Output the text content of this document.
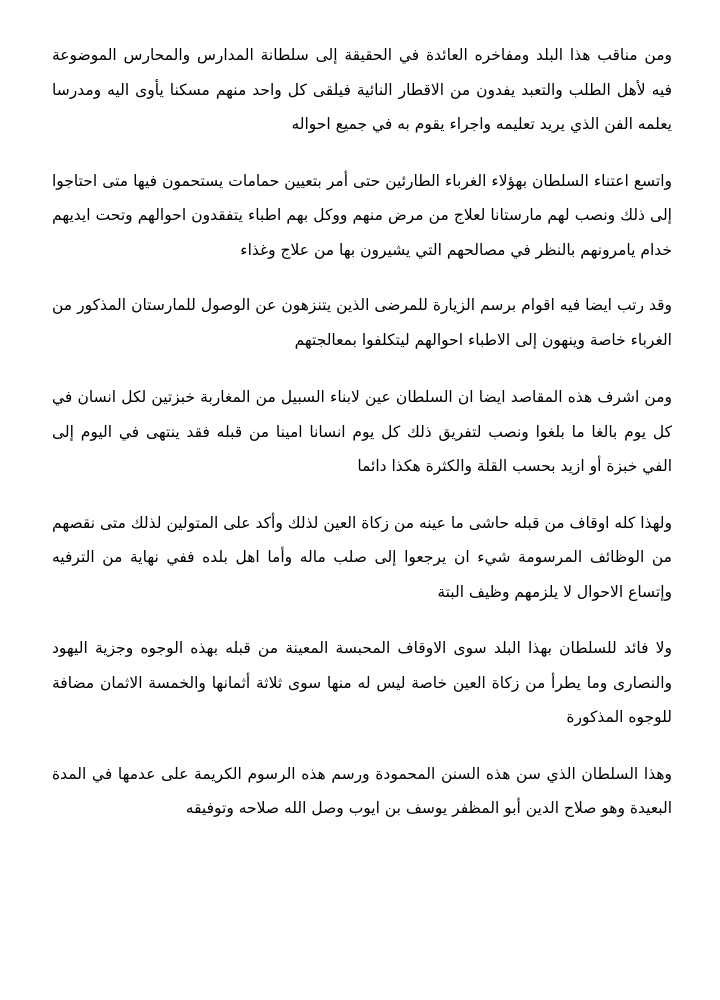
ومن مناقب هذا البلد ومفاخره العائدة في الحقيقة إلى سلطانة المدارس والمحارس الموضوعة فيه لأهل الطلب والتعبد يفدون من الاقطار النائية فيلقى كل واحد منهم مسكنا يأوى اليه ومدرسا يعلمه الفن الذي يريد تعليمه واجراء يقوم به في جميع احواله

واتسع اعتناء السلطان بهؤلاء الغرباء الطارئين حتى أمر بتعيين حمامات يستحمون فيها متى احتاجوا إلى ذلك ونصب لهم مارستانا لعلاج من مرض منهم ووكل بهم اطباء يتفقدون احوالهم وتحت ايديهم خدام يامرونهم بالنظر في مصالحهم التي يشيرون بها من علاج وغذاء

وقد رتب ايضا فيه اقوام برسم الزيارة للمرضى الذين يتنزهون عن الوصول للمارستان المذكور من الغرباء خاصة وينهون إلى الاطباء احوالهم ليتكلفوا بمعالجتهم

ومن اشرف هذه المقاصد ايضا ان السلطان عين لابناء السبيل من المغاربة خبزتين لكل انسان في كل يوم بالغا ما بلغوا ونصب لتفريق ذلك كل يوم انسانا امينا من قبله فقد ينتهى في اليوم إلى الفي خبزة أو ازيد بحسب القلة والكثرة هكذا دائما

ولهذا كله اوقاف من قبله حاشى ما عينه من زكاة العين لذلك وأكد على المتولين لذلك متى نقصهم من الوظائف المرسومة شيء ان يرجعوا إلى صلب ماله وأما اهل بلده ففي نهاية من الترفيه وإتساع الاحوال لا يلزمهم وظيف البتة

ولا فائد للسلطان بهذا البلد سوى الاوقاف المحبسة المعينة من قبله بهذه الوجوه وجزية اليهود والنصارى وما يطرأ من زكاة العين خاصة ليس له منها سوى ثلاثة أثمانها والخمسة الاثمان مضافة للوجوه المذكورة

وهذا السلطان الذي سن هذه السنن المحمودة ورسم هذه الرسوم الكريمة على عدمها في المدة البعيدة وهو صلاح الدين أبو المظفر يوسف بن ايوب وصل الله صلاحه وتوفيقه
